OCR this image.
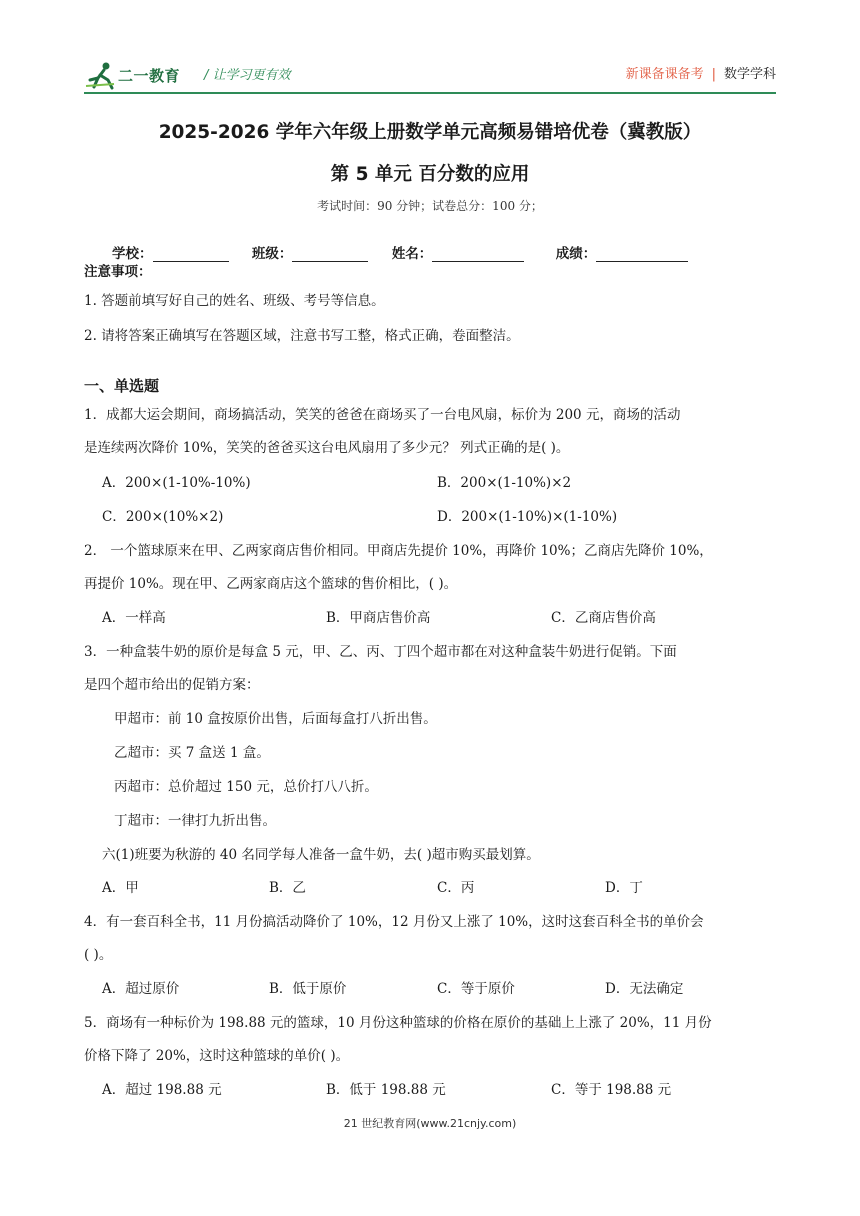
二一教育 / 让学习更有效	新课备课备考 | 数学学科
2025-2026 学年六年级上册数学单元高频易错培优卷（冀教版）
第 5 单元 百分数的应用
考试时间：90 分钟；试卷总分：100 分；
学校：	班级：	姓名：	成绩：
注意事项：
1. 答题前填写好自己的姓名、班级、考号等信息。
2. 请将答案正确填写在答题区域，注意书写工整，格式正确，卷面整洁。
一、单选题
1．成都大运会期间，商场搞活动，笑笑的爸爸在商场买了一台电风扇，标价为 200 元，商场的活动
是连续两次降价 10%，笑笑的爸爸买这台电风扇用了多少元？ 列式正确的是( )。
A．200×(1-10%-10%)	B．200×(1-10%)×2
C．200×(10%×2)	D．200×(1-10%)×(1-10%)
2． 一个篮球原来在甲、乙两家商店售价相同。甲商店先提价 10%，再降价 10%；乙商店先降价 10%，
再提价 10%。现在甲、乙两家商店这个篮球的售价相比，( )。
A．一样高	B．甲商店售价高	C．乙商店售价高
3．一种盒装牛奶的原价是每盒 5 元，甲、乙、丙、丁四个超市都在对这种盒装牛奶进行促销。下面
是四个超市给出的促销方案：
甲超市：前 10 盒按原价出售，后面每盒打八折出售。
乙超市：买 7 盒送 1 盒。
丙超市：总价超过 150 元，总价打八八折。
丁超市：一律打九折出售。
六(1)班要为秋游的 40 名同学每人准备一盒牛奶，去( )超市购买最划算。
A．甲	B．乙	C．丙	D．丁
4．有一套百科全书，11 月份搞活动降价了 10%，12 月份又上涨了 10%，这时这套百科全书的单价会
( )。
A．超过原价	B．低于原价	C．等于原价	D．无法确定
5．商场有一种标价为 198.88 元的篮球，10 月份这种篮球的价格在原价的基础上上涨了 20%，11 月份
价格下降了 20%，这时这种篮球的单价( )。
A．超过 198.88 元	B．低于 198.88 元	C．等于 198.88 元
21 世纪教育网(www.21cnjy.com)
